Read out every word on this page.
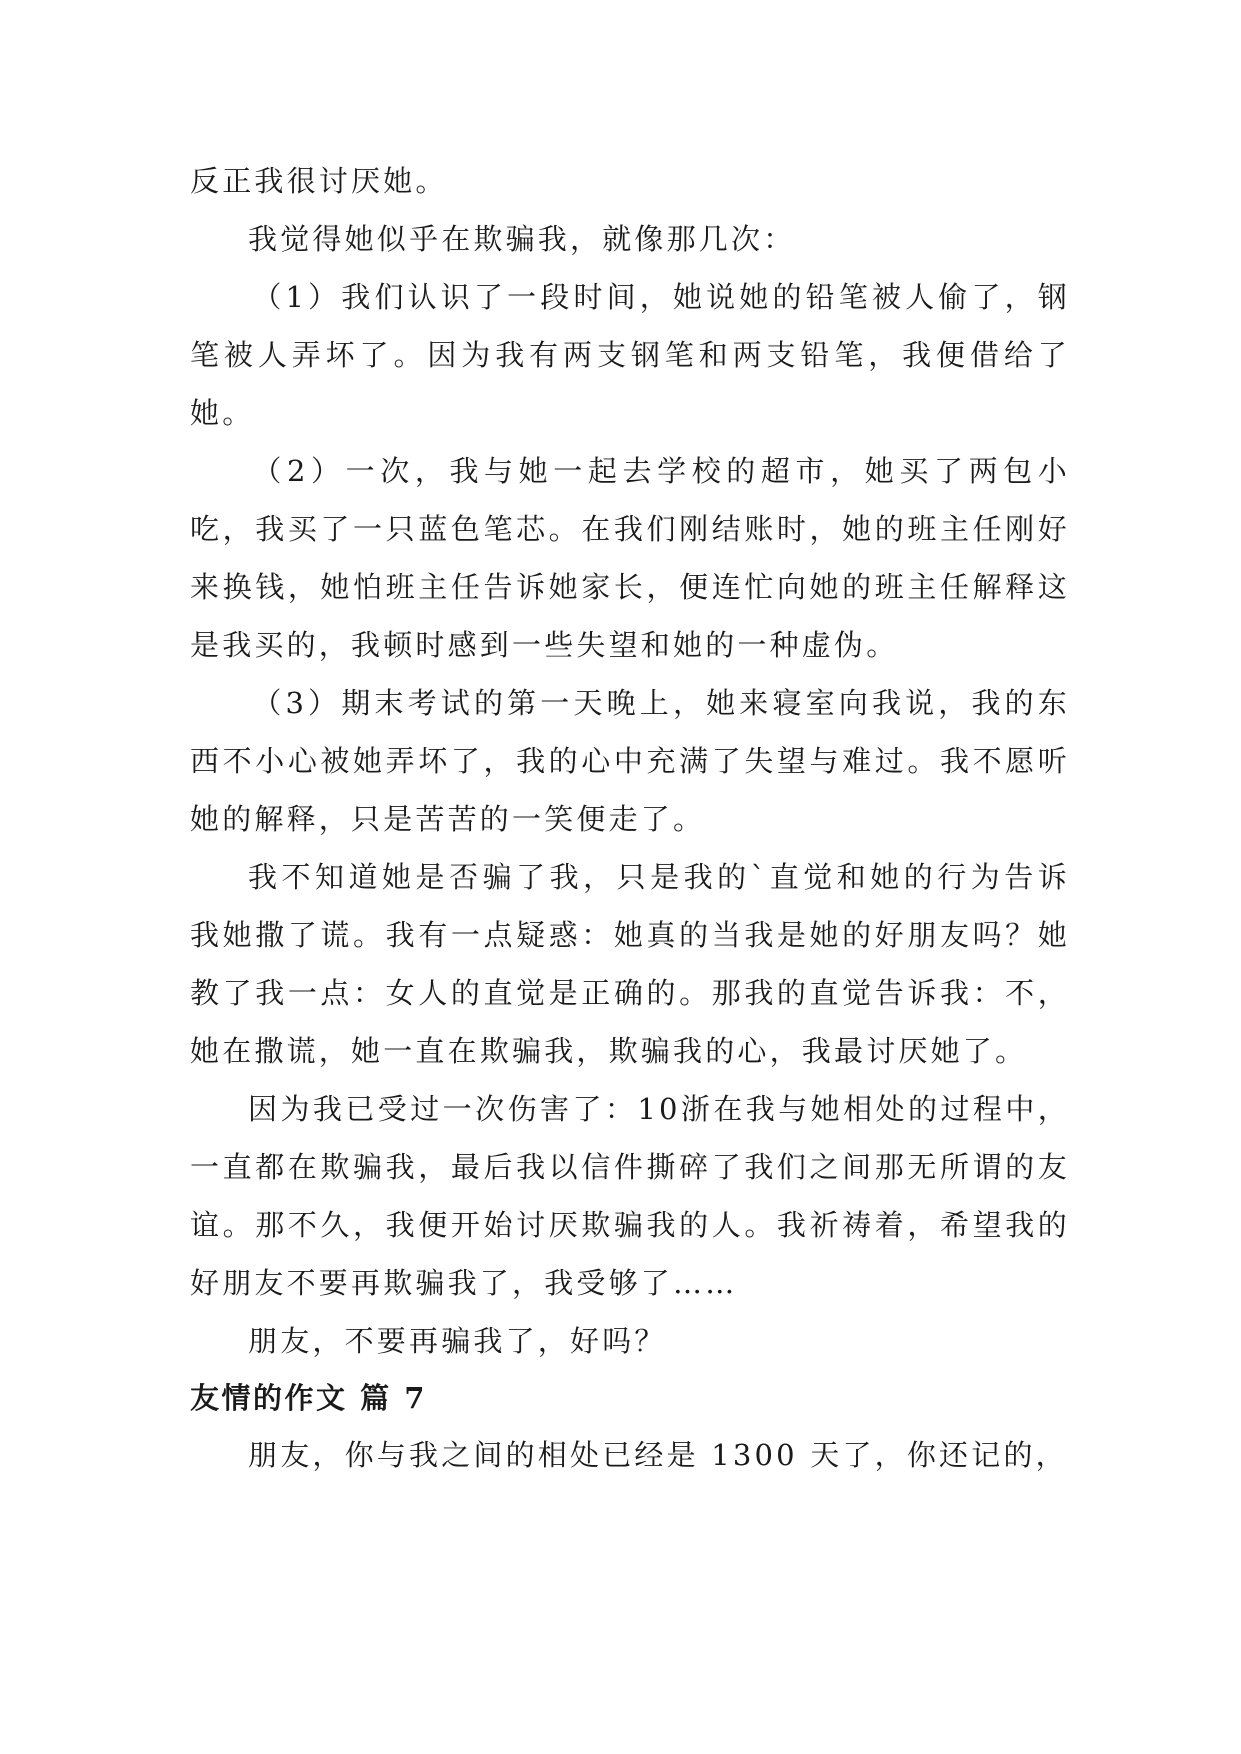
反正我很讨厌她。

我觉得她似乎在欺骗我，就像那几次：

（1）我们认识了一段时间，她说她的铅笔被人偷了，钢笔被人弄坏了。因为我有两支钢笔和两支铅笔，我便借给了她。

（2）一次，我与她一起去学校的超市，她买了两包小吃，我买了一只蓝色笔芯。在我们刚结账时，她的班主任刚好来换钱，她怕班主任告诉她家长，便连忙向她的班主任解释这是我买的，我顿时感到一些失望和她的一种虚伪。

（3）期末考试的第一天晚上，她来寝室向我说，我的东西不小心被她弄坏了，我的心中充满了失望与难过。我不愿听她的解释，只是苦苦的一笑便走了。

我不知道她是否骗了我，只是我的`直觉和她的行为告诉我她撒了谎。我有一点疑惑：她真的当我是她的好朋友吗？她教了我一点：女人的直觉是正确的。那我的直觉告诉我：不，她在撒谎，她一直在欺骗我，欺骗我的心，我最讨厌她了。

因为我已受过一次伤害了：10浙在我与她相处的过程中，一直都在欺骗我，最后我以信件撕碎了我们之间那无所谓的友谊。那不久，我便开始讨厌欺骗我的人。我祈祷着，希望我的好朋友不要再欺骗我了，我受够了……

朋友，不要再骗我了，好吗？

友情的作文 篇 7

朋友，你与我之间的相处已经是 1300 天了，你还记的，
